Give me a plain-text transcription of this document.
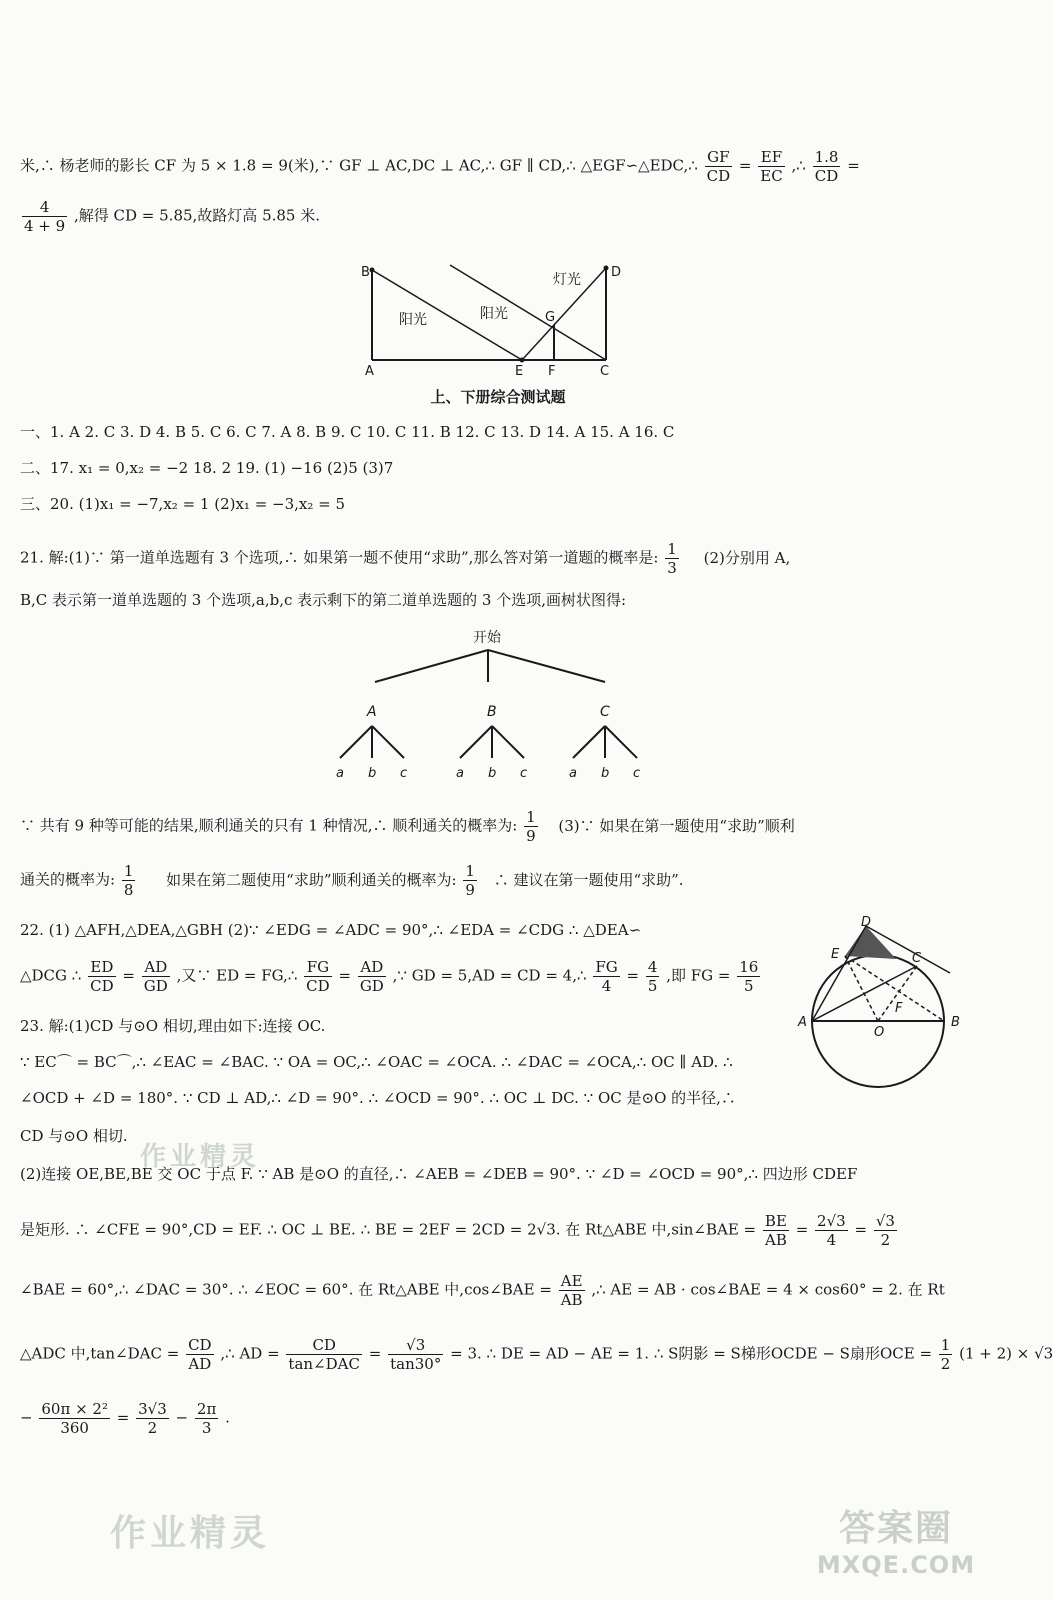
米,∴ 杨老师的影长 CF 为 5 × 1.8 = 9(米),∵ GF ⊥ AC,DC ⊥ AC,∴ GF ∥ CD,∴ △EGF∽△EDC,∴ $\frac{GF}{CD} = \frac{EF}{EC}$ ,∴ $\frac{1.8}{CD}$ =
$\frac{4}{4 + 9}$ ,解得 CD = 5.85,故路灯高 5.85 米.
B
A	E F	C
G
D
阳光	阳光
灯光
上、下册综合测试题
一、1. A 2. C 3. D 4. B 5. C 6. C 7. A 8. B 9. C 10. C 11. B 12. C 13. D 14. A 15. A 16. C
二、17. x₁ = 0,x₂ = −2 18. 2 19. (1) −16 (2)5 (3)7
三、20. (1)x₁ = −7,x₂ = 1 (2)x₁ = −3,x₂ = 5
21. 解:(1)∵ 第一道单选题有 3 个选项,∴ 如果第一题不使用“求助”,那么答对第一道题的概率是: $\frac{1}{3} (2)$分别用 A,
B,C 表示第一道单选题的 3 个选项,a,b,c 表示剩下的第二道单选题的 3 个选项,画树状图得:
开始
A
a b c
B
a b c
C
a b c
∵ 共有 9 种等可能的结果,顺利通关的只有 1 种情况,∴ 顺利通关的概率为: $\frac{1}{9}$ (3)∵ 如果在第一题使用“求助”顺利
通关的概率为: $\frac{1}{8}$ 如果在第二题使用“求助”顺利通关的概率为: $\frac{1}{9}$ ∴ 建议在第一题使用“求助”.
22. (1) △AFH,△DEA,△GBH (2)∵ ∠EDG = ∠ADC = 90°,∴ ∠EDA = ∠CDG ∴ △DEA∽
△DCG ∴ $\frac{ED}{CD} = \frac{AD}{GD}$ ,又∵ ED = FG,∴ $\frac{FG}{CD} = \frac{AD}{GD}$ ,∵ GD = 5,AD = CD = 4,∴ $\frac{FG}{4} = \frac{4}{5}$ ,即 FG = $\frac{16}{5}$
D
E	C
A
O
F
B
23. 解:(1)CD 与⊙O 相切,理由如下:连接 OC.
∵ EC⌒ = BC⌒,∴ ∠EAC = ∠BAC. ∵ OA = OC,∴ ∠OAC = ∠OCA. ∴ ∠DAC = ∠OCA,∴ OC ∥ AD. ∴
∠OCD + ∠D = 180°. ∵ CD ⊥ AD,∴ ∠D = 90°. ∴ ∠OCD = 90°. ∴ OC ⊥ DC. ∵ OC 是⊙O 的半径,∴
CD 与⊙O 相切.
(2)连接 OE,BE,BE 交 OC 于点 F. ∵ AB 是⊙O 的直径,∴ ∠AEB = ∠DEB = 90°. ∵ ∠D = ∠OCD = 90°,∴ 四边形 CDEF
是矩形. ∴ ∠CFE = 90°,CD = EF. ∴ OC ⊥ BE. ∴ BE = 2EF = 2CD = 2√3. 在 Rt△ABE 中,sin∠BAE = $\frac{BE}{AB} = \frac{2√3}{4} = \frac{√3}{2}$
∠BAE = 60°,∴ ∠DAC = 30°. ∴ ∠EOC = 60°. 在 Rt△ABE 中,cos∠BAE = $\frac{AE}{AB}$ ,∴ AE = AB · cos∠BAE = 4 × cos60° = 2. 在 Rt
△ADC 中,tan∠DAC = $\frac{CD}{AD}$ ,∴ AD = $\frac{CD}{\text{tan∠DAC}} = \frac{√3}{\tan 30^\circ} = 3$. ∴ DE = AD − AE = 1. ∴ S阴影 = S梯形OCDE − S扇形OCE = $\frac{1}{2} (1 + 2) \times √3$
− $\frac{\text{60π × 2²}}{360} = \frac{3√3}{2} - \frac{2\pi}{3}$ .
作业精灵
作业精灵	答案圈
MXQE.COM
